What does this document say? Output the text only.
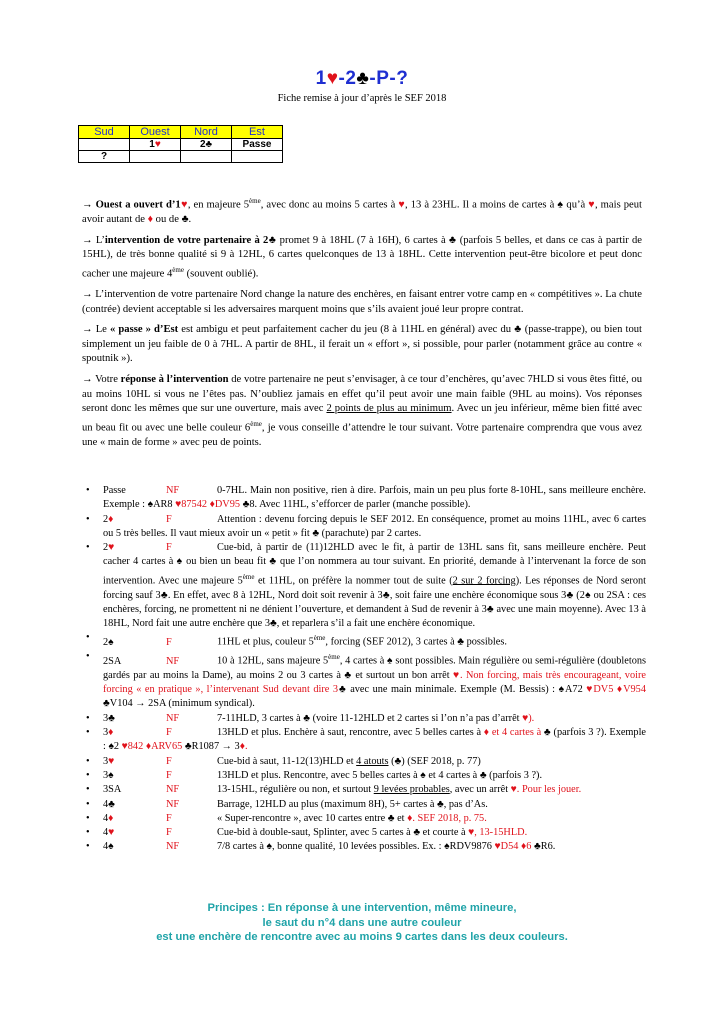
1♥-2♣-P-?
Fiche remise à jour d’après le SEF 2018
Sud	Ouest	Nord	Est
	1♥	2♣	Passe
?			

→ Ouest a ouvert d’1♥, en majeure 5ème, avec donc au moins 5 cartes à ♥, 13 à 23HL. Il a moins de cartes à ♠ qu’à ♥, mais peut avoir autant de ♦ ou de ♣.

→ L’intervention de votre partenaire à 2♣ promet 9 à 18HL (7 à 16H), 6 cartes à ♣ (parfois 5 belles, et dans ce cas à partir de 15HL), de très bonne qualité si 9 à 12HL, 6 cartes quelconques de 13 à 18HL. Cette intervention peut-être bicolore et peut donc cacher une majeure 4ème (souvent oublié).

→ L’intervention de votre partenaire Nord change la nature des enchères, en faisant entrer votre camp en « compétitives ». La chute (contrée) devient acceptable si les adversaires marquent moins que s’ils avaient joué leur propre contrat.

→ Le « passe » d’Est est ambigu et peut parfaitement cacher du jeu (8 à 11HL en général) avec du ♣ (passe-trappe), ou bien tout simplement un jeu faible de 0 à 7HL. A partir de 8HL, il ferait un « effort », si possible, pour parler (notamment grâce au contre « spoutnik »).

→ Votre réponse à l’intervention de votre partenaire ne peut s’envisager, à ce tour d’enchères, qu’avec 7HLD si vous êtes fitté, ou au moins 10HL si vous ne l’êtes pas. N’oubliez jamais en effet qu’il peut avoir une main faible (9HL au moins). Vos réponses seront donc les mêmes que sur une ouverture, mais avec 2 points de plus au minimum. Avec un jeu inférieur, même bien fitté avec un beau fit ou avec une belle couleur 6ème, je vous conseille d’attendre le tour suivant. Votre partenaire comprendra que vous avez une « main de forme » avec peu de points.

• Passe	NF	0-7HL. Main non positive, rien à dire. Parfois, main un peu plus forte 8-10HL, sans meilleure enchère. Exemple : ♠AR8 ♥87542 ♦DV95 ♣8. Avec 11HL, s’efforcer de parler (manche possible).
• 2♦	F	Attention : devenu forcing depuis le SEF 2012. En conséquence, promet au moins 11HL, avec 6 cartes ou 5 très belles. Il vaut mieux avoir un « petit » fit ♣ (parachute) par 2 cartes.
• 2♥	F	Cue-bid, à partir de (11)12HLD avec le fit, à partir de 13HL sans fit, sans meilleure enchère. Peut cacher 4 cartes à ♠ ou bien un beau fit ♣ que l’on nommera au tour suivant. En priorité, demande à l’intervenant la force de son intervention. Avec une majeure 5ème et 11HL, on préfère la nommer tout de suite (2 sur 2 forcing). Les réponses de Nord seront forcing sauf 3♣. En effet, avec 8 à 12HL, Nord doit soit revenir à 3♣, soit faire une enchère économique sous 3♣ (2♠ ou 2SA : ces enchères, forcing, ne promettent ni ne dénient l’ouverture, et demandent à Sud de revenir à 3♣ avec une main moyenne). Avec 13 à 18HL, Nord fait une autre enchère que 3♣, et reparlera s’il a fait une enchère économique.
• 2♠	F	11HL et plus, couleur 5ème, forcing (SEF 2012), 3 cartes à ♣ possibles.
• 2SA	NF	10 à 12HL, sans majeure 5ème, 4 cartes à ♠ sont possibles. Main régulière ou semi-régulière (doubletons gardés par au moins la Dame), au moins 2 ou 3 cartes à ♣ et surtout un bon arrêt ♥. Non forcing, mais très encourageant, voire forcing « en pratique », l’intervenant Sud devant dire 3♣ avec une main minimale. Exemple (M. Bessis) : ♠A72 ♥DV5 ♦V954 ♣V104 → 2SA (minimum syndical).
• 3♣	NF	7-11HLD, 3 cartes à ♣ (voire 11-12HLD et 2 cartes si l’on n’a pas d’arrêt ♥).
• 3♦	F	13HLD et plus. Enchère à saut, rencontre, avec 5 belles cartes à ♦ et 4 cartes à ♣ (parfois 3 ?). Exemple : ♠2 ♥842 ♦ARV65 ♣R1087 → 3♦.
• 3♥	F	Cue-bid à saut, 11-12(13)HLD et 4 atouts (♣) (SEF 2018, p. 77)
• 3♠	F	13HLD et plus. Rencontre, avec 5 belles cartes à ♠ et 4 cartes à ♣ (parfois 3 ?).
• 3SA	NF	13-15HL, régulière ou non, et surtout 9 levées probables, avec un arrêt ♥. Pour les jouer.
• 4♣	NF	Barrage, 12HLD au plus (maximum 8H), 5+ cartes à ♣, pas d’As.
• 4♦	F	« Super-rencontre », avec 10 cartes entre ♣ et ♦. SEF 2018, p. 75.
• 4♥	F	Cue-bid à double-saut, Splinter, avec 5 cartes à ♣ et courte à ♥, 13-15HLD.
• 4♠	NF	7/8 cartes à ♠, bonne qualité, 10 levées possibles. Ex. : ♠RDV9876 ♥D54 ♦6 ♣R6.
Principes : En réponse à une intervention, même mineure,
le saut du n°4 dans une autre couleur
est une enchère de rencontre avec au moins 9 cartes dans les deux couleurs.
